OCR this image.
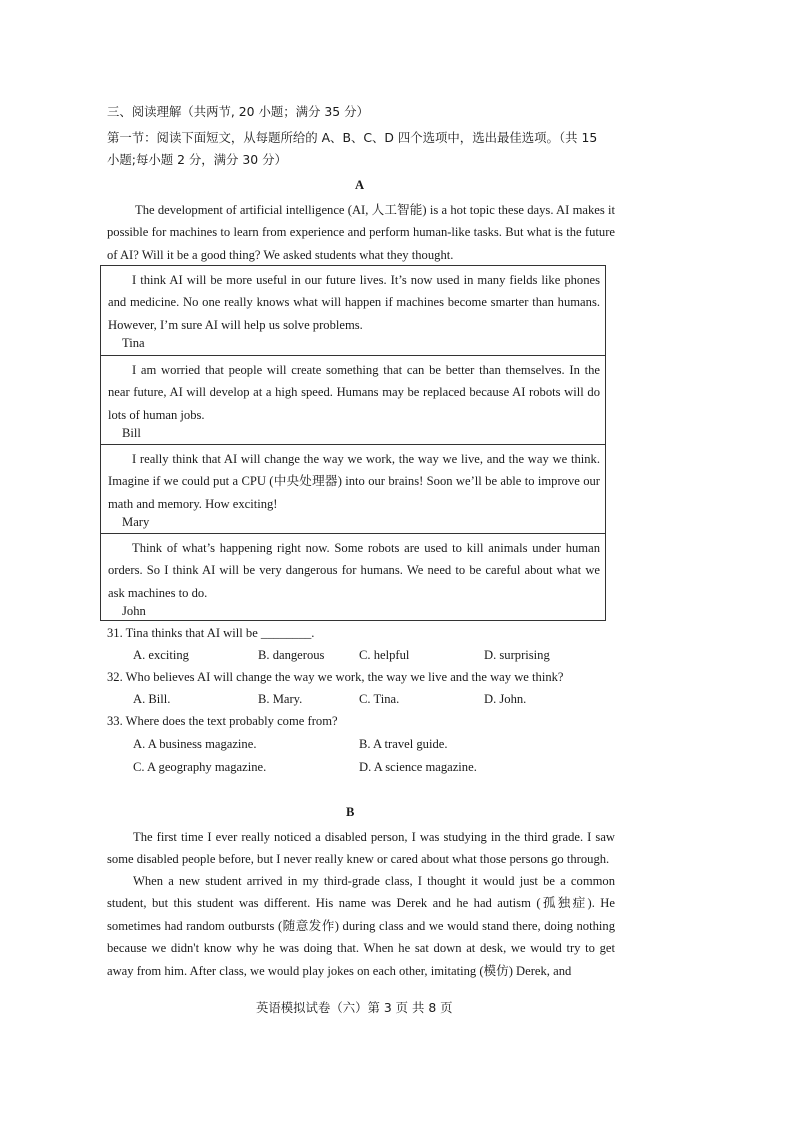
三、阅读理解（共两节, 20 小题；满分 35 分）
第一节：阅读下面短文，从每题所给的 A、B、C、D 四个选项中，选出最佳选项。（共 15
小题;每小题 2 分，满分 30 分）
A
The development of artificial intelligence (AI, 人工智能) is a hot topic these days. AI makes it possible for machines to learn from experience and perform human-like tasks. But what is the future of AI? Will it be a good thing? We asked students what they thought.
I think AI will be more useful in our future lives. It’s now used in many fields like phones and medicine. No one really knows what will happen if machines become smarter than humans. However, I’m sure AI will help us solve problems.
Tina
I am worried that people will create something that can be better than themselves. In the near future, AI will develop at a high speed. Humans may be replaced because AI robots will do lots of human jobs.
Bill
I really think that AI will change the way we work, the way we live, and the way we think. Imagine if we could put a CPU (中央处理器) into our brains! Soon we’ll be able to improve our math and memory. How exciting!
Mary
Think of what’s happening right now. Some robots are used to kill animals under human orders. So I think AI will be very dangerous for humans. We need to be careful about what we ask machines to do.
John
31. Tina thinks that AI will be ________.
A. exciting	B. dangerous	C. helpful	D. surprising
32. Who believes AI will change the way we work, the way we live and the way we think?
A. Bill.	B. Mary.	C. Tina.	D. John.
33. Where does the text probably come from?
A. A business magazine.	B. A travel guide.
C. A geography magazine.	D. A science magazine.
B
The first time I ever really noticed a disabled person, I was studying in the third grade. I saw some disabled people before, but I never really knew or cared about what those persons go through.
When a new student arrived in my third-grade class, I thought it would just be a common student, but this student was different. His name was Derek and he had autism (孤独症). He sometimes had random outbursts (随意发作) during class and we would stand there, doing nothing because we didn't know why he was doing that. When he sat down at desk, we would try to get away from him. After class, we would play jokes on each other, imitating (模仿) Derek, and
英语模拟试卷（六）第 3 页 共 8 页
